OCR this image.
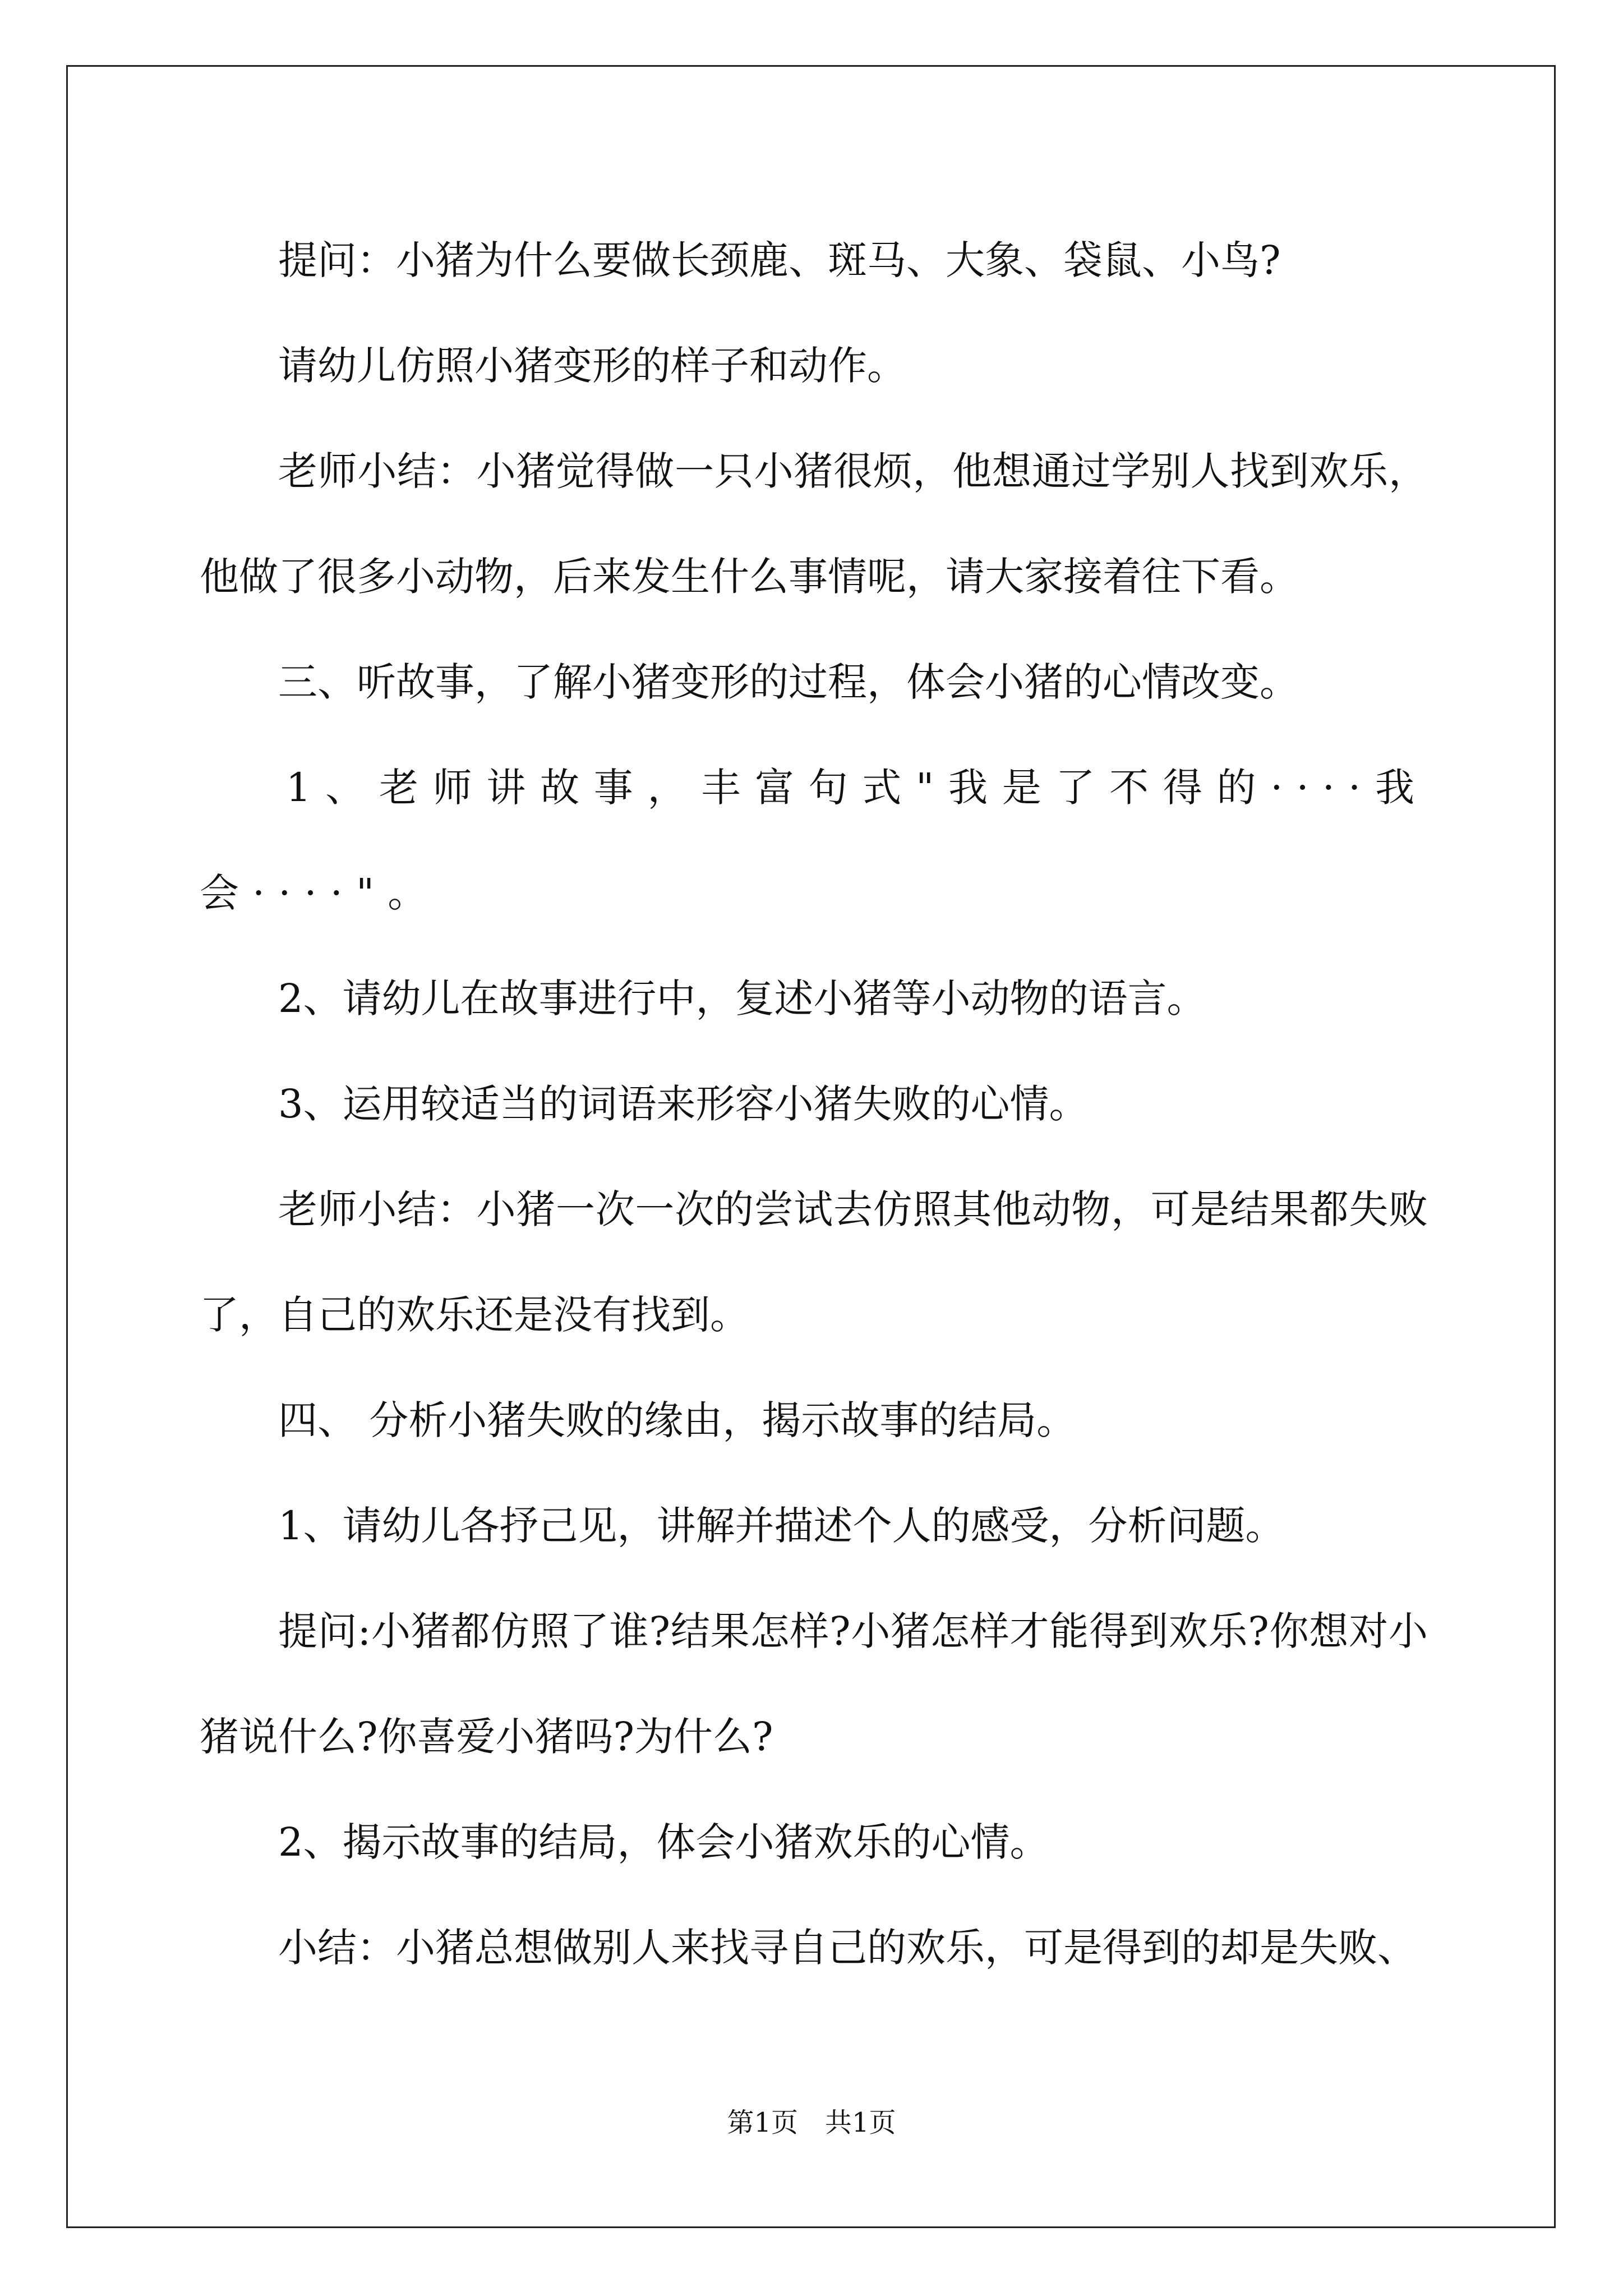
提问：小猪为什么要做长颈鹿、斑马、大象、袋鼠、小鸟?

请幼儿仿照小猪变形的样子和动作。

老师小结：小猪觉得做一只小猪很烦，他想通过学别人找到欢乐，他做了很多小动物，后来发生什么事情呢，请大家接着往下看。

三、听故事，了解小猪变形的过程，体会小猪的心情改变。

1、老师讲故事，丰富句式"我是了不得的····我会····"。

2、请幼儿在故事进行中，复述小猪等小动物的语言。

3、运用较适当的词语来形容小猪失败的心情。

老师小结：小猪一次一次的尝试去仿照其他动物，可是结果都失败了，自己的欢乐还是没有找到。

四、 分析小猪失败的缘由，揭示故事的结局。

1、请幼儿各抒己见，讲解并描述个人的感受，分析问题。

提问:小猪都仿照了谁?结果怎样?小猪怎样才能得到欢乐?你想对小猪说什么?你喜爱小猪吗?为什么?

2、揭示故事的结局，体会小猪欢乐的心情。

小结：小猪总想做别人来找寻自己的欢乐，可是得到的却是失败、

第1页　共1页
